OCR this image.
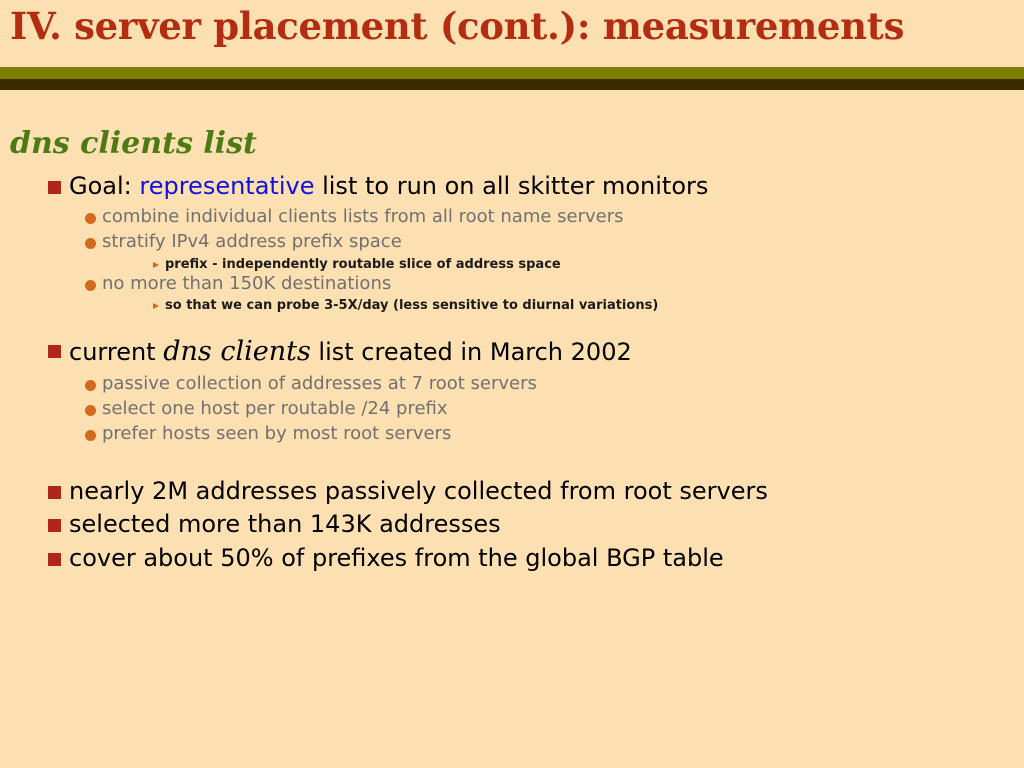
IV. server placement (cont.): measurements
dns clients list
Goal: representative list to run on all skitter monitors
combine individual clients lists from all root name servers
stratify IPv4 address prefix space
prefix - independently routable slice of address space
no more than 150K destinations
so that we can probe 3-5X/day (less sensitive to diurnal variations)
current dns clients list created in March 2002
passive collection of addresses at 7 root servers
select one host per routable /24 prefix
prefer hosts seen by most root servers
nearly 2M addresses passively collected from root servers
selected more than 143K addresses
cover about 50% of prefixes from the global BGP table
